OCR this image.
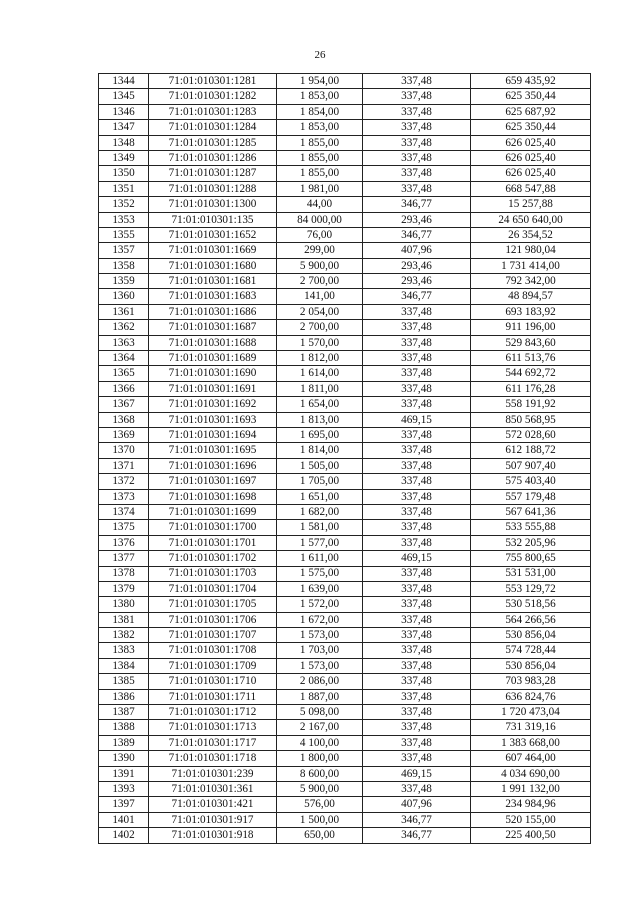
26
1344	71:01:010301:1281	1 954,00	337,48	659 435,92
1345	71:01:010301:1282	1 853,00	337,48	625 350,44
1346	71:01:010301:1283	1 854,00	337,48	625 687,92
1347	71:01:010301:1284	1 853,00	337,48	625 350,44
1348	71:01:010301:1285	1 855,00	337,48	626 025,40
1349	71:01:010301:1286	1 855,00	337,48	626 025,40
1350	71:01:010301:1287	1 855,00	337,48	626 025,40
1351	71:01:010301:1288	1 981,00	337,48	668 547,88
1352	71:01:010301:1300	44,00	346,77	15 257,88
1353	71:01:010301:135	84 000,00	293,46	24 650 640,00
1355	71:01:010301:1652	76,00	346,77	26 354,52
1357	71:01:010301:1669	299,00	407,96	121 980,04
1358	71:01:010301:1680	5 900,00	293,46	1 731 414,00
1359	71:01:010301:1681	2 700,00	293,46	792 342,00
1360	71:01:010301:1683	141,00	346,77	48 894,57
1361	71:01:010301:1686	2 054,00	337,48	693 183,92
1362	71:01:010301:1687	2 700,00	337,48	911 196,00
1363	71:01:010301:1688	1 570,00	337,48	529 843,60
1364	71:01:010301:1689	1 812,00	337,48	611 513,76
1365	71:01:010301:1690	1 614,00	337,48	544 692,72
1366	71:01:010301:1691	1 811,00	337,48	611 176,28
1367	71:01:010301:1692	1 654,00	337,48	558 191,92
1368	71:01:010301:1693	1 813,00	469,15	850 568,95
1369	71:01:010301:1694	1 695,00	337,48	572 028,60
1370	71:01:010301:1695	1 814,00	337,48	612 188,72
1371	71:01:010301:1696	1 505,00	337,48	507 907,40
1372	71:01:010301:1697	1 705,00	337,48	575 403,40
1373	71:01:010301:1698	1 651,00	337,48	557 179,48
1374	71:01:010301:1699	1 682,00	337,48	567 641,36
1375	71:01:010301:1700	1 581,00	337,48	533 555,88
1376	71:01:010301:1701	1 577,00	337,48	532 205,96
1377	71:01:010301:1702	1 611,00	469,15	755 800,65
1378	71:01:010301:1703	1 575,00	337,48	531 531,00
1379	71:01:010301:1704	1 639,00	337,48	553 129,72
1380	71:01:010301:1705	1 572,00	337,48	530 518,56
1381	71:01:010301:1706	1 672,00	337,48	564 266,56
1382	71:01:010301:1707	1 573,00	337,48	530 856,04
1383	71:01:010301:1708	1 703,00	337,48	574 728,44
1384	71:01:010301:1709	1 573,00	337,48	530 856,04
1385	71:01:010301:1710	2 086,00	337,48	703 983,28
1386	71:01:010301:1711	1 887,00	337,48	636 824,76
1387	71:01:010301:1712	5 098,00	337,48	1 720 473,04
1388	71:01:010301:1713	2 167,00	337,48	731 319,16
1389	71:01:010301:1717	4 100,00	337,48	1 383 668,00
1390	71:01:010301:1718	1 800,00	337,48	607 464,00
1391	71:01:010301:239	8 600,00	469,15	4 034 690,00
1393	71:01:010301:361	5 900,00	337,48	1 991 132,00
1397	71:01:010301:421	576,00	407,96	234 984,96
1401	71:01:010301:917	1 500,00	346,77	520 155,00
1402	71:01:010301:918	650,00	346,77	225 400,50
